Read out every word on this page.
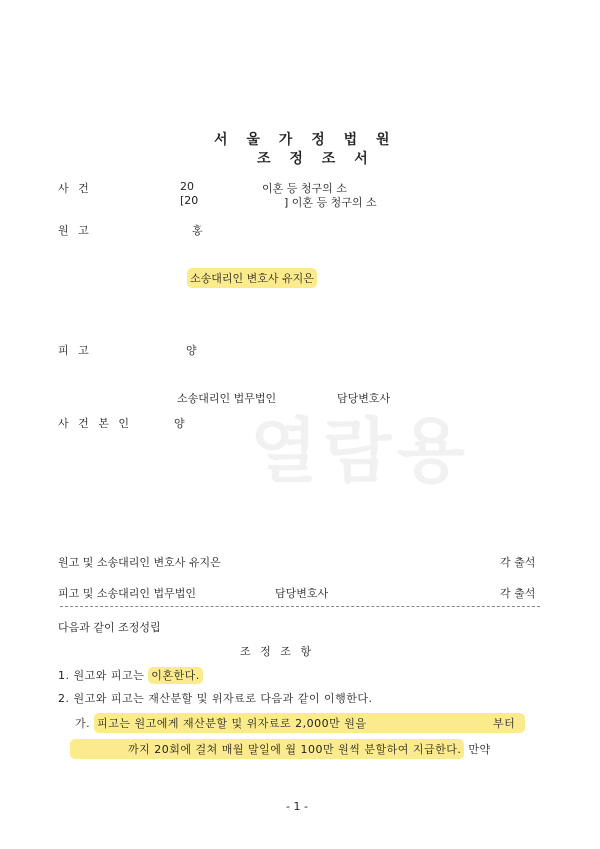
열람용
서 울 가 정 법 원
조 정 조 서
사 건	20	이혼 등 청구의 소
[20	] 이혼 등 청구의 소
원 고	홍
소송대리인 변호사 유지은
피 고	양
소송대리인 법무법인	담당변호사
사 건 본 인	양
원고 및 소송대리인 변호사 유지은	각 출석
피고 및 소송대리인 법무법인	담당변호사	각 출석
다음과 같이 조정성립
조 정 조 항
1. 원고와 피고는 이혼한다.
2. 원고와 피고는 재산분할 및 위자료로 다음과 같이 이행한다.
가. 피고는 원고에게 재산분할 및 위자료로 2,000만 원을	부터
까지 20회에 걸쳐 매월 말일에 월 100만 원씩 분할하여 지급한다. 만약
- 1 -
